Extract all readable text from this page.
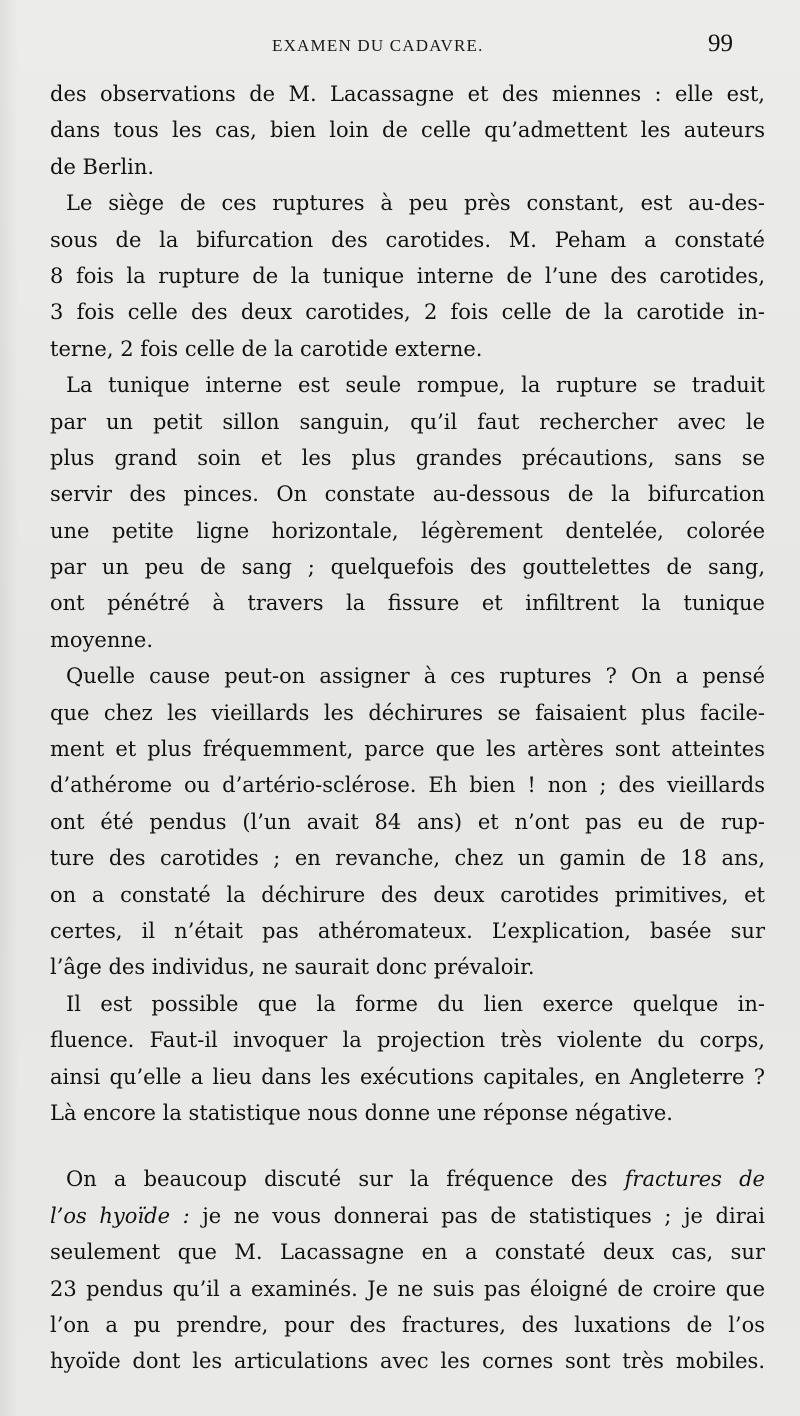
EXAMEN DU CADAVRE.	99
des observations de M. Lacassagne et des miennes : elle est,
dans tous les cas, bien loin de celle qu’admettent les auteurs
de Berlin.
Le siège de ces ruptures à peu près constant, est au-des-
sous de la bifurcation des carotides. M. Peham a constaté
8 fois la rupture de la tunique interne de l’une des carotides,
3 fois celle des deux carotides, 2 fois celle de la carotide in-
terne, 2 fois celle de la carotide externe.
La tunique interne est seule rompue, la rupture se traduit
par un petit sillon sanguin, qu’il faut rechercher avec le
plus grand soin et les plus grandes précautions, sans se
servir des pinces. On constate au-dessous de la bifurcation
une petite ligne horizontale, légèrement dentelée, colorée
par un peu de sang ; quelquefois des gouttelettes de sang,
ont pénétré à travers la fissure et infiltrent la tunique
moyenne.
Quelle cause peut-on assigner à ces ruptures ? On a pensé
que chez les vieillards les déchirures se faisaient plus facile-
ment et plus fréquemment, parce que les artères sont atteintes
d’athérome ou d’artério-sclérose. Eh bien ! non ; des vieillards
ont été pendus (l’un avait 84 ans) et n’ont pas eu de rup-
ture des carotides ; en revanche, chez un gamin de 18 ans,
on a constaté la déchirure des deux carotides primitives, et
certes, il n’était pas athéromateux. L’explication, basée sur
l’âge des individus, ne saurait donc prévaloir.
Il est possible que la forme du lien exerce quelque in-
fluence. Faut-il invoquer la projection très violente du corps,
ainsi qu’elle a lieu dans les exécutions capitales, en Angleterre ?
Là encore la statistique nous donne une réponse négative.
On a beaucoup discuté sur la fréquence des fractures de
l’os hyoïde : je ne vous donnerai pas de statistiques ; je dirai
seulement que M. Lacassagne en a constaté deux cas, sur
23 pendus qu’il a examinés. Je ne suis pas éloigné de croire que
l’on a pu prendre, pour des fractures, des luxations de l’os
hyoïde dont les articulations avec les cornes sont très mobiles.
